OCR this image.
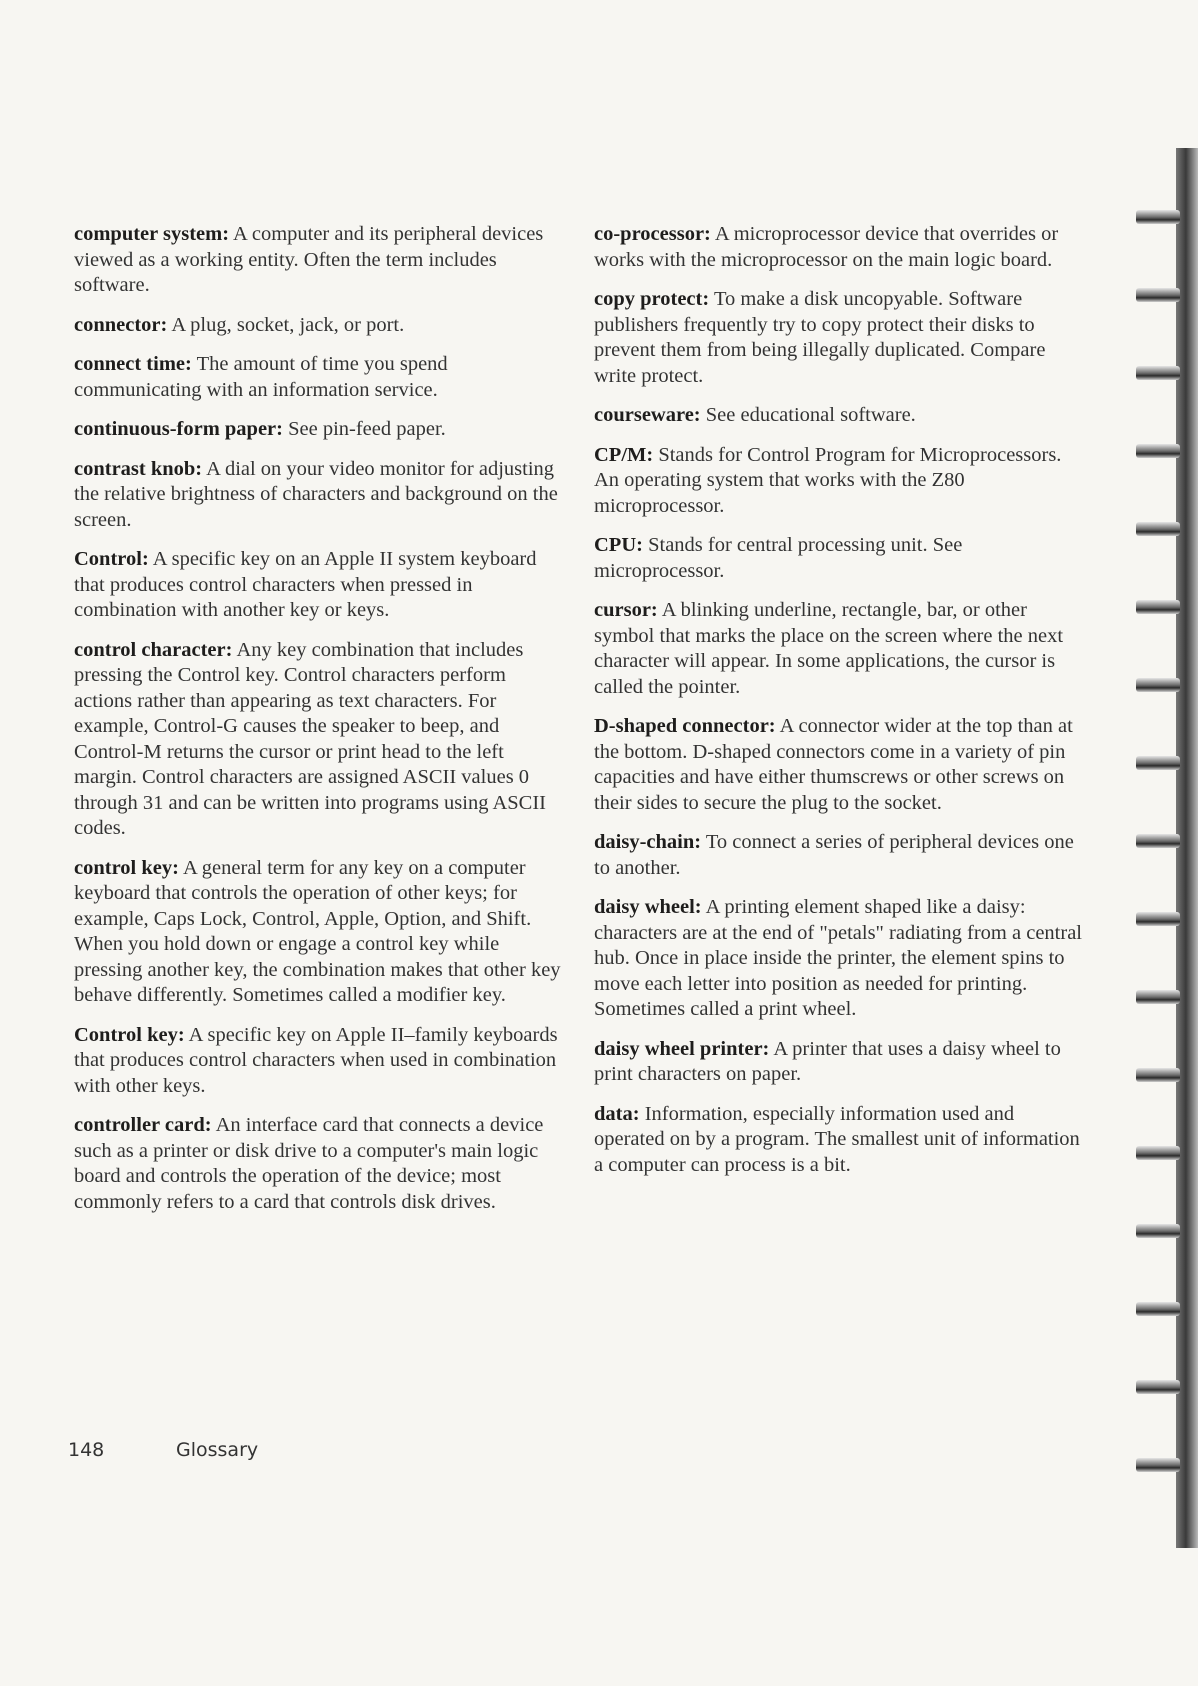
computer system: A computer and its peripheral devices viewed as a working entity. Often the term includes software.

connector: A plug, socket, jack, or port.

connect time: The amount of time you spend communicating with an information service.

continuous-form paper: See pin-feed paper.

contrast knob: A dial on your video monitor for adjusting the relative brightness of characters and background on the screen.

Control: A specific key on an Apple II system keyboard that produces control characters when pressed in combination with another key or keys.

control character: Any key combination that includes pressing the Control key. Control characters perform actions rather than appearing as text characters. For example, Control-G causes the speaker to beep, and Control-M returns the cursor or print head to the left margin. Control characters are assigned ASCII values 0 through 31 and can be written into programs using ASCII codes.

control key: A general term for any key on a computer keyboard that controls the operation of other keys; for example, Caps Lock, Control, Apple, Option, and Shift. When you hold down or engage a control key while pressing another key, the combination makes that other key behave differently. Sometimes called a modifier key.

Control key: A specific key on Apple II–family keyboards that produces control characters when used in combination with other keys.

controller card: An interface card that connects a device such as a printer or disk drive to a computer's main logic board and controls the operation of the device; most commonly refers to a card that controls disk drives.

co-processor: A microprocessor device that overrides or works with the microprocessor on the main logic board.

copy protect: To make a disk uncopyable. Software publishers frequently try to copy protect their disks to prevent them from being illegally duplicated. Compare write protect.

courseware: See educational software.

CP/M: Stands for Control Program for Microprocessors. An operating system that works with the Z80 microprocessor.

CPU: Stands for central processing unit. See microprocessor.

cursor: A blinking underline, rectangle, bar, or other symbol that marks the place on the screen where the next character will appear. In some applications, the cursor is called the pointer.

D-shaped connector: A connector wider at the top than at the bottom. D-shaped connectors come in a variety of pin capacities and have either thumscrews or other screws on their sides to secure the plug to the socket.

daisy-chain: To connect a series of peripheral devices one to another.

daisy wheel: A printing element shaped like a daisy: characters are at the end of "petals" radiating from a central hub. Once in place inside the printer, the element spins to move each letter into position as needed for printing. Sometimes called a print wheel.

daisy wheel printer: A printer that uses a daisy wheel to print characters on paper.

data: Information, especially information used and operated on by a program. The smallest unit of information a computer can process is a bit.

148	Glossary
